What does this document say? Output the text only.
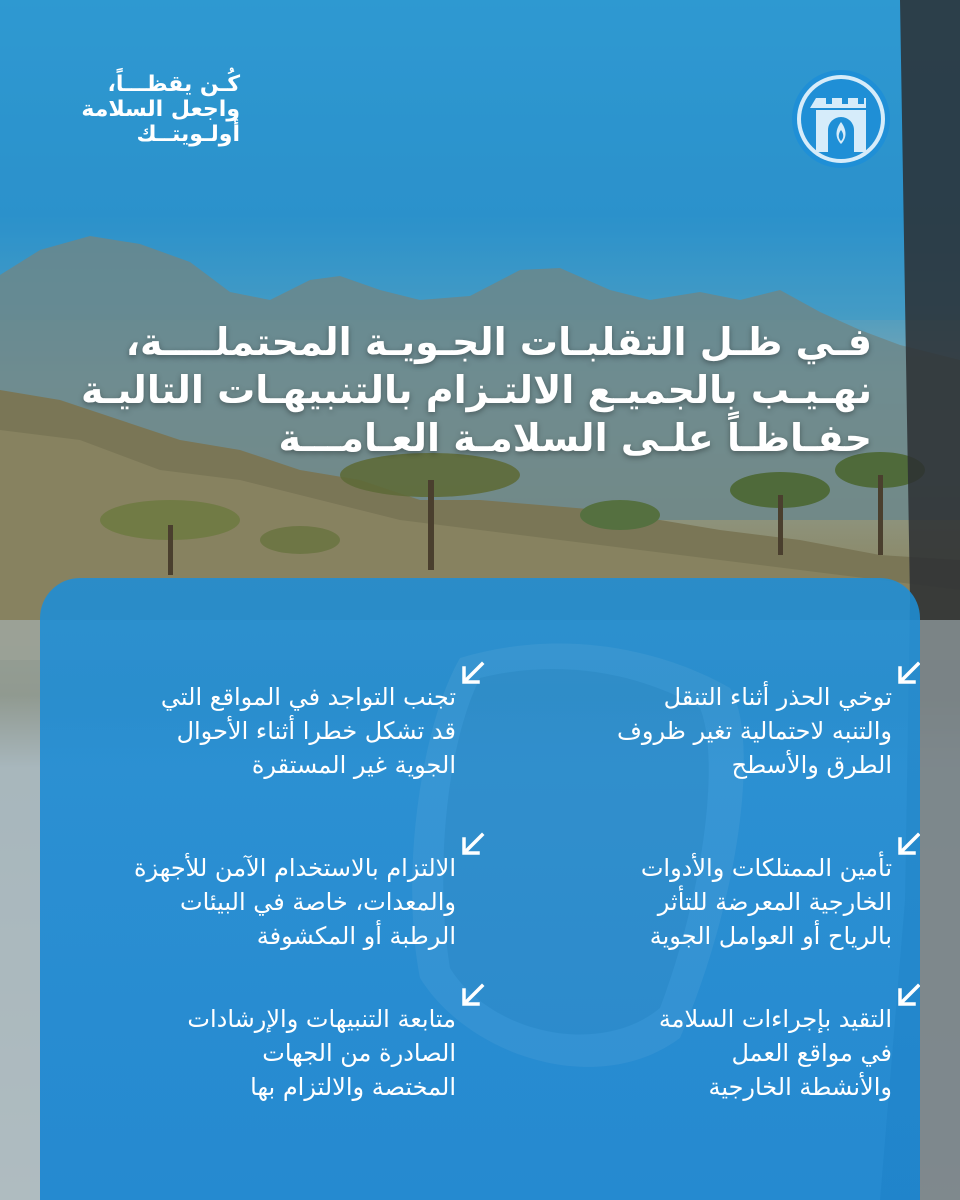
كُـن يقظـــاً،
واجعل السلامة
أولـويتــك
فـي ظـل التقلبـات الجـويـة المحتملــــة،
نهـيـب بالجميـع الالتـزام بالتنبيهـات التاليـة
حفـاظـاً علـى السلامـة العـامـــة
توخي الحذر أثناء التنقل
والتنبه لاحتمالية تغير ظروف
الطرق والأسطح
تأمين الممتلكات والأدوات
الخارجية المعرضة للتأثر
بالرياح أو العوامل الجوية
التقيد بإجراءات السلامة
في مواقع العمل
والأنشطة الخارجية
تجنب التواجد في المواقع التي
قد تشكل خطرا أثناء الأحوال
الجوية غير المستقرة
الالتزام بالاستخدام الآمن للأجهزة
والمعدات، خاصة في البيئات
الرطبة أو المكشوفة
متابعة التنبيهات والإرشادات
الصادرة من الجهات
المختصة والالتزام بها
